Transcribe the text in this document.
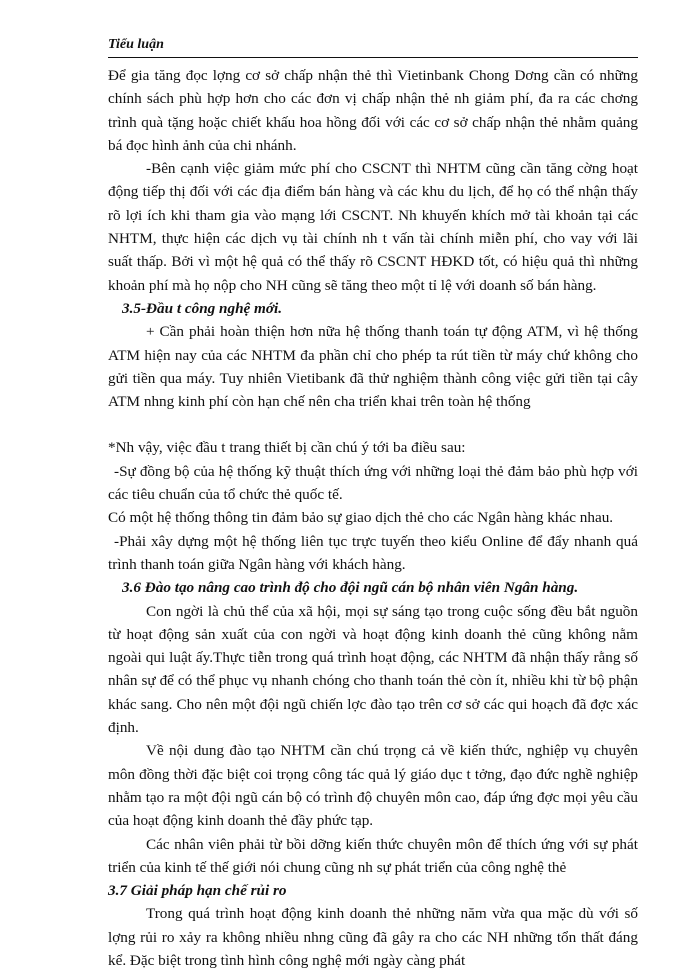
Tiểu luận

Để gia tăng đọc lợng cơ sở chấp nhận thẻ thì Vietinbank Chong Dơng cần có những chính sách phù hợp hơn cho các đơn vị chấp nhận thẻ nh giảm phí, đa ra các chơng trình quà tặng hoặc chiết khấu hoa hồng đối với các cơ sở chấp nhận thẻ nhằm quảng bá đọc hình ảnh của chi nhánh.

-Bên cạnh việc giảm mức phí cho CSCNT thì NHTM cũng cần tăng cờng hoạt động tiếp thị đối với các địa điểm bán hàng và các khu du lịch, để họ có thể nhận thấy rõ lợi ích khi tham gia vào mạng lới CSCNT. Nh khuyến khích mở tài khoản tại các NHTM, thực hiện các dịch vụ tài chính nh t vấn tài chính miễn phí, cho vay với lãi suất thấp. Bởi vì một hệ quả có thể thấy rõ CSCNT HĐKD tốt, có hiệu quả thì những khoản phí mà họ nộp cho NH cũng sẽ tăng theo một tỉ lệ với doanh số bán hàng.

3.5-Đầu t công nghệ mới.

+ Cần phải hoàn thiện hơn nữa hệ thống thanh toán tự động ATM, vì hệ thống ATM hiện nay của các NHTM đa phần chỉ cho phép ta rút tiền từ máy chứ không cho gửi tiền qua máy. Tuy nhiên Vietibank đã thử nghiệm thành công việc gửi tiền tại cây ATM nhng kinh phí còn hạn chế nên cha triển khai trên toàn hệ thống

*Nh vậy, việc đầu t trang thiết bị cần chú ý tới ba điều sau:

-Sự đồng bộ của hệ thống kỹ thuật thích ứng với những loại thẻ đảm bảo phù hợp với các tiêu chuẩn của tổ chức thẻ quốc tế.

Có một hệ thống thông tin đảm bảo sự giao dịch thẻ cho các Ngân hàng khác nhau.

-Phải xây dựng một hệ thống liên tục trực tuyến theo kiểu Online để đẩy nhanh quá trình thanh toán giữa Ngân hàng với khách hàng.

3.6 Đào tạo nâng cao trình độ cho đội ngũ cán bộ nhân viên Ngân hàng.

Con ngời là chủ thể của xã hội, mọi sự sáng tạo trong cuộc sống đều bắt nguồn từ hoạt động sản xuất của con ngời và hoạt động kinh doanh thẻ cũng không nằm ngoài qui luật ấy.Thực tiễn trong quá trình hoạt động, các NHTM đã nhận thấy rằng số nhân sự để có thể phục vụ nhanh chóng cho thanh toán thẻ còn ít, nhiều khi từ bộ phận khác sang. Cho nên một đội ngũ chiến lợc đào tạo trên cơ sở các qui hoạch đã đợc xác định.

Về nội dung đào tạo NHTM cần chú trọng cả về kiến thức, nghiệp vụ chuyên môn đồng thời đặc biệt coi trọng công tác quả lý giáo dục t tởng, đạo đức nghề nghiệp nhằm tạo ra một đội ngũ cán bộ có trình độ chuyên môn cao, đáp ứng đợc mọi yêu cầu của hoạt động kinh doanh thẻ đầy phức tạp.

Các nhân viên phải từ bồi dỡng kiến thức chuyên môn để thích ứng với sự phát triển của kinh tế thế giới nói chung cũng nh sự phát triển của công nghệ thẻ

3.7 Giải pháp hạn chế rủi ro

Trong quá trình hoạt động kinh doanh thẻ những năm vừa qua mặc dù với số lợng rủi ro xảy ra không nhiều nhng cũng đã gây ra cho các NH những tổn thất đáng kể. Đặc biệt trong tình hình công nghệ mới ngày càng phát
